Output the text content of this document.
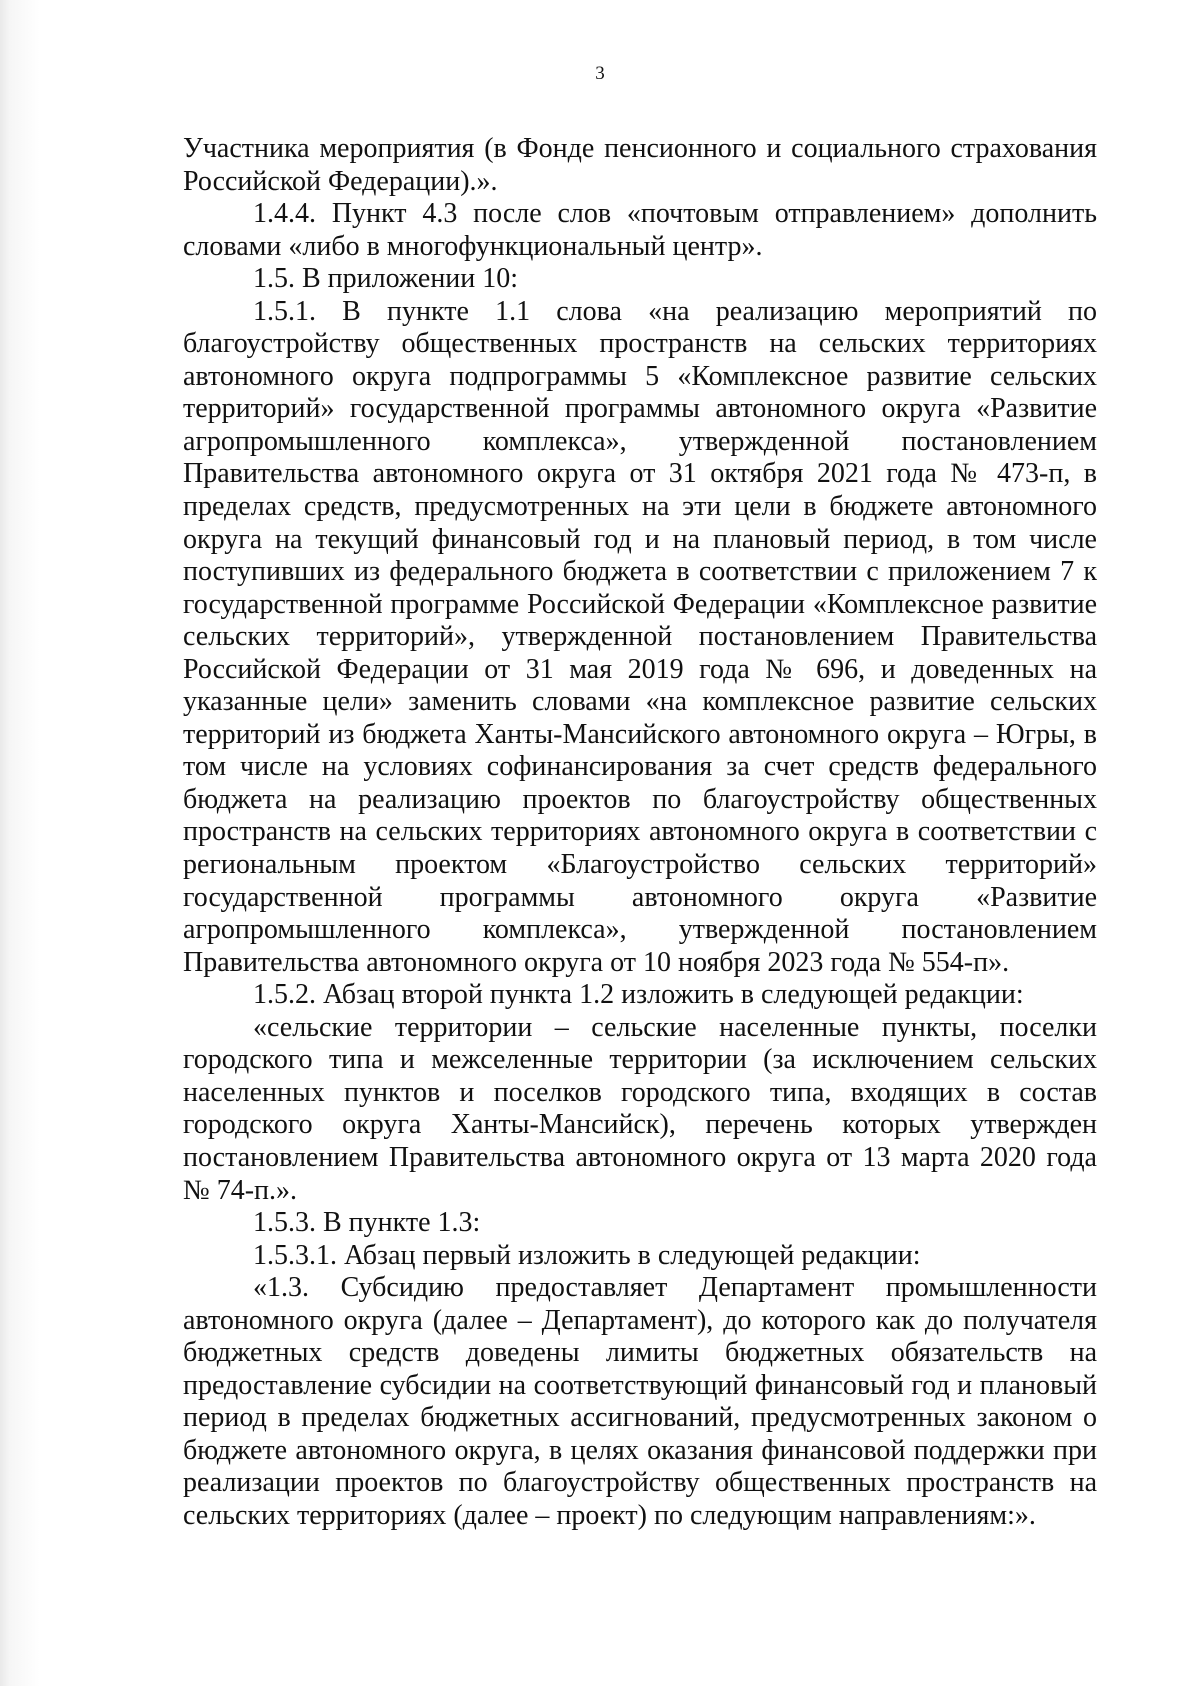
3

Участника мероприятия (в Фонде пенсионного и социального страхования Российской Федерации).».

1.4.4. Пункт 4.3 после слов «почтовым отправлением» дополнить словами «либо в многофункциональный центр».

1.5. В приложении 10:

1.5.1. В пункте 1.1 слова «на реализацию мероприятий по благоустройству общественных пространств на сельских территориях автономного округа подпрограммы 5 «Комплексное развитие сельских территорий» государственной программы автономного округа «Развитие агропромышленного комплекса», утвержденной постановлением Правительства автономного округа от 31 октября 2021 года № 473-п, в пределах средств, предусмотренных на эти цели в бюджете автономного округа на текущий финансовый год и на плановый период, в том числе поступивших из федерального бюджета в соответствии с приложением 7 к государственной программе Российской Федерации «Комплексное развитие сельских территорий», утвержденной постановлением Правительства Российской Федерации от 31 мая 2019 года № 696, и доведенных на указанные цели» заменить словами «на комплексное развитие сельских территорий из бюджета Ханты-Мансийского автономного округа – Югры, в том числе на условиях софинансирования за счет средств федерального бюджета на реализацию проектов по благоустройству общественных пространств на сельских территориях автономного округа в соответствии с региональным проектом «Благоустройство сельских территорий» государственной программы автономного округа «Развитие агропромышленного комплекса», утвержденной постановлением Правительства автономного округа от 10 ноября 2023 года № 554-п».

1.5.2. Абзац второй пункта 1.2 изложить в следующей редакции:

«сельские территории – сельские населенные пункты, поселки городского типа и межселенные территории (за исключением сельских населенных пунктов и поселков городского типа, входящих в состав городского округа Ханты-Мансийск), перечень которых утвержден постановлением Правительства автономного округа от 13 марта 2020 года № 74-п.».

1.5.3. В пункте 1.3:

1.5.3.1. Абзац первый изложить в следующей редакции:

«1.3. Субсидию предоставляет Департамент промышленности автономного округа (далее – Департамент), до которого как до получателя бюджетных средств доведены лимиты бюджетных обязательств на предоставление субсидии на соответствующий финансовый год и плановый период в пределах бюджетных ассигнований, предусмотренных законом о бюджете автономного округа, в целях оказания финансовой поддержки при реализации проектов по благоустройству общественных пространств на сельских территориях (далее – проект) по следующим направлениям:».
